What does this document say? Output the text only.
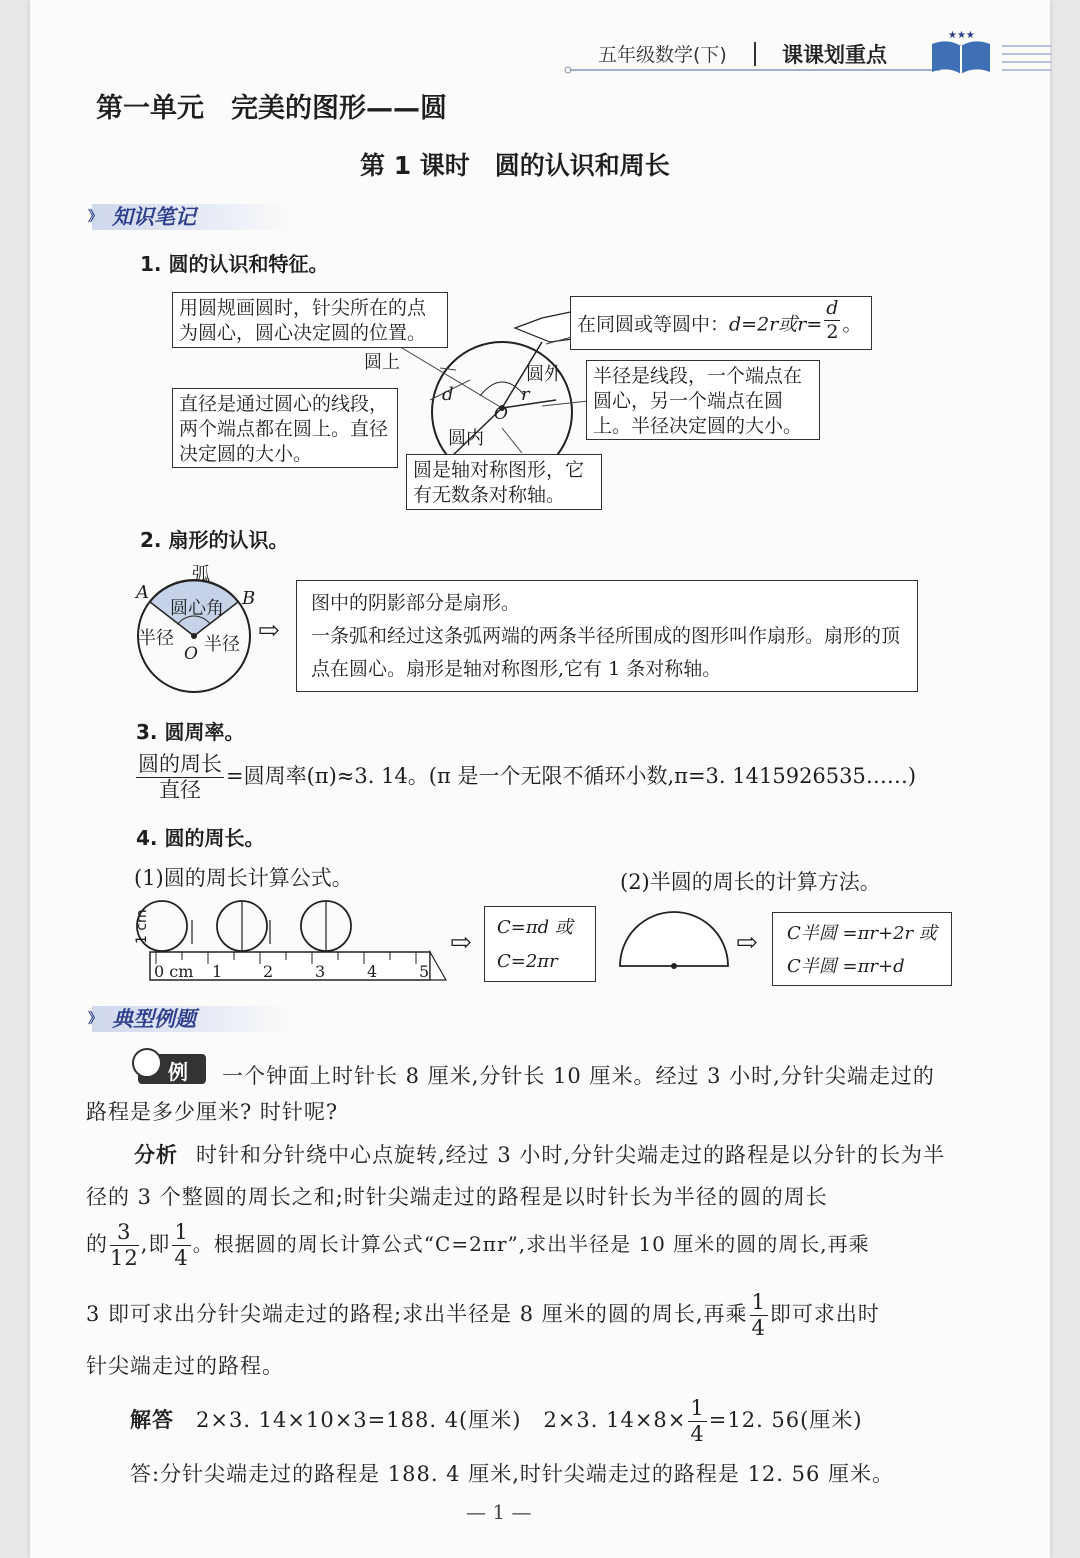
五年级数学(下)	课课划重点
★★★
第一单元　完美的图形——圆
第 1 课时　圆的认识和周长
》 知识笔记
1. 圆的认识和特征。
圆上
圆外
圆内
d	r
O
用圆规画圆时，针尖所在的点为圆心，圆心决定圆的位置。	在同圆或等圆中：d=2r或$r= \frac{d}{2}$ 。
半径是线段，一个端点在圆心，另一个端点在圆上。半径决定圆的大小。
直径是通过圆心的线段，两个端点都在圆上。直径决定圆的大小。
圆是轴对称图形，它有无数条对称轴。
2. 扇形的认识。
弧
A	B
圆心角
半径 半径
O
⇨
图中的阴影部分是扇形。
一条弧和经过这条弧两端的两条半径所围成的图形叫作扇形。扇形的顶点在圆心。扇形是轴对称图形,它有 1 条对称轴。
3. 圆周率。
$\frac{\text{圆的周长}}{\text{直径}}$ =圆周率(π)≈3. 14。(π 是一个无限不循环小数,π=3. 1415926535……)
4. 圆的周长。
(1)圆的周长计算公式。	(2)半圆的周长的计算方法。
1 cm
0 cm 1	2	3	4	5
⇨
C=πd 或
C=2πr
⇨ C半圆 =πr+2r 或
C半圆 =πr+d
》 典型例题
例	一个钟面上时针长 8 厘米,分针长 10 厘米。经过 3 小时,分针尖端走过的路程是多少厘米? 时针呢?
分析 时针和分针绕中心点旋转,经过 3 小时,分针尖端走过的路程是以分针的长为半径的 3 个整圆的周长之和;时针尖端走过的路程是以时针长为半径的圆的周长
的 $\frac{3}{12}$ ,即 $\frac{1}{4}$ 。根据圆的周长计算公式“C=2πr”,求出半径是 10 厘米的圆的周长,再乘
3 即可求出分针尖端走过的路程;求出半径是 8 厘米的圆的周长,再乘 $\frac{1}{4}$ 即可求出时
针尖端走过的路程。
解答 2×3. 14×10×3=188. 4(厘米)　2×3. $14\times 8\times \frac{1}{4} =12$. 56(厘米)
答:分针尖端走过的路程是 188. 4 厘米,时针尖端走过的路程是 12. 56 厘米。
— 1 —
